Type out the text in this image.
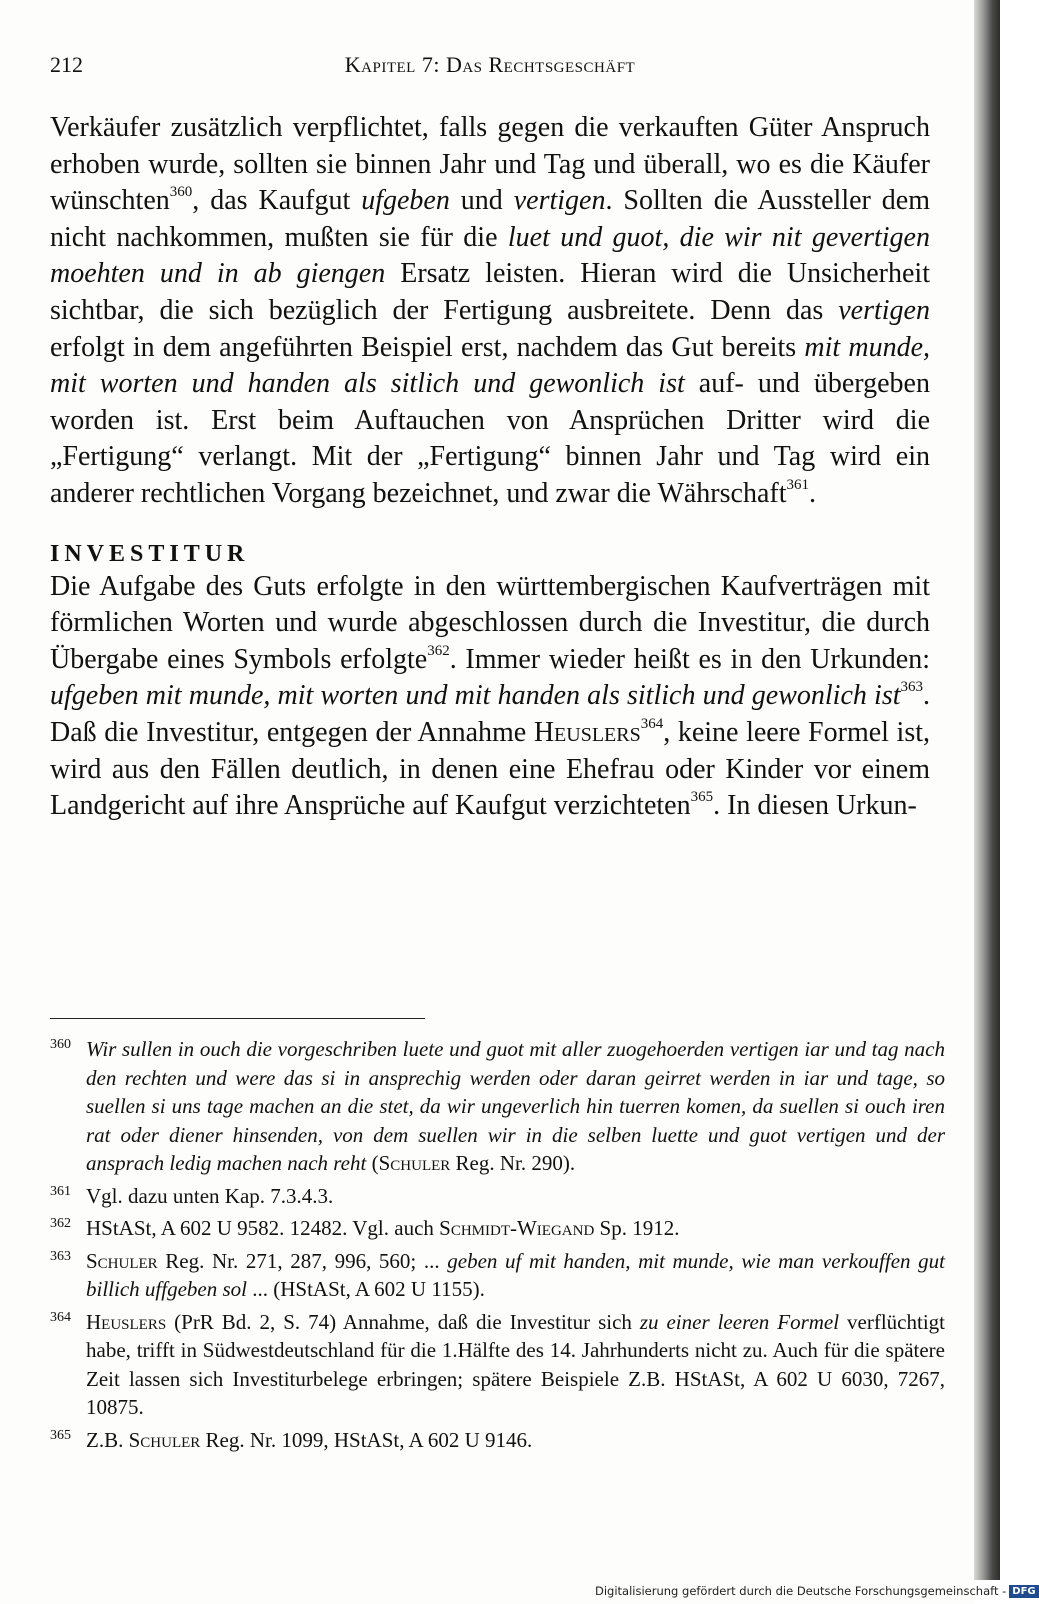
212	Kapitel 7: Das Rechtsgeschäft

Verkäufer zusätzlich verpflichtet, falls gegen die verkauften Güter Anspruch erhoben wurde, sollten sie binnen Jahr und Tag und überall, wo es die Käufer wünschten$^{360}$, das Kaufgut ufgeben und vertigen. Sollten die Aussteller dem nicht nachkommen, mußten sie für die luet und guot, die wir nit gevertigen moehten und in ab giengen Ersatz leisten. Hieran wird die Unsicherheit sichtbar, die sich bezüglich der Fertigung ausbreitete. Denn das vertigen erfolgt in dem angeführten Beispiel erst, nachdem das Gut bereits mit munde, mit worten und handen als sitlich und gewonlich ist auf- und übergeben worden ist. Erst beim Auftauchen von Ansprüchen Dritter wird die „Fertigung“ verlangt. Mit der „Fertigung“ binnen Jahr und Tag wird ein anderer rechtlichen Vorgang bezeichnet, und zwar die Währschaft$^{361}$.

INVESTITUR

Die Aufgabe des Guts erfolgte in den württembergischen Kaufverträgen mit förmlichen Worten und wurde abgeschlossen durch die Investitur, die durch Übergabe eines Symbols erfolgte$^{362}$. Immer wieder heißt es in den Urkunden: ufgeben mit munde, mit worten und mit handen als sitlich und gewonlich ist$^{363}$. Daß die Investitur, entgegen der Annahme Heuslers$^{364}$, keine leere Formel ist, wird aus den Fällen deutlich, in denen eine Ehefrau oder Kinder vor einem Landgericht auf ihre Ansprüche auf Kaufgut verzichteten$^{365}$. In diesen Urkun-

360 Wir sullen in ouch die vorgeschriben luete und guot mit aller zuogehoerden vertigen iar und tag nach den rechten und were das si in ansprechig werden oder daran geirret werden in iar und tage, so suellen si uns tage machen an die stet, da wir ungeverlich hin tuerren komen, da suellen si ouch iren rat oder diener hinsenden, von dem suellen wir in die selben luette und guot vertigen und der ansprach ledig machen nach reht (Schuler Reg. Nr. 290).
361 Vgl. dazu unten Kap. 7.3.4.3.
362 HStASt, A 602 U 9582. 12482. Vgl. auch Schmidt-Wiegand Sp. 1912.
363 Schuler Reg. Nr. 271, 287, 996, 560; ... geben uf mit handen, mit munde, wie man verkouffen gut billich uffgeben sol ... (HStASt, A 602 U 1155).
364 Heuslers (PrR Bd. 2, S. 74) Annahme, daß die Investitur sich zu einer leeren Formel verflüchtigt habe, trifft in Südwestdeutschland für die 1.Hälfte des 14. Jahrhunderts nicht zu. Auch für die spätere Zeit lassen sich Investiturbelege erbringen; spätere Beispiele Z.B. HStASt, A 602 U 6030, 7267, 10875.
365 Z.B. Schuler Reg. Nr. 1099, HStASt, A 602 U 9146.
Digitalisierung gefördert durch die Deutsche Forschungsgemeinschaft - DFG
